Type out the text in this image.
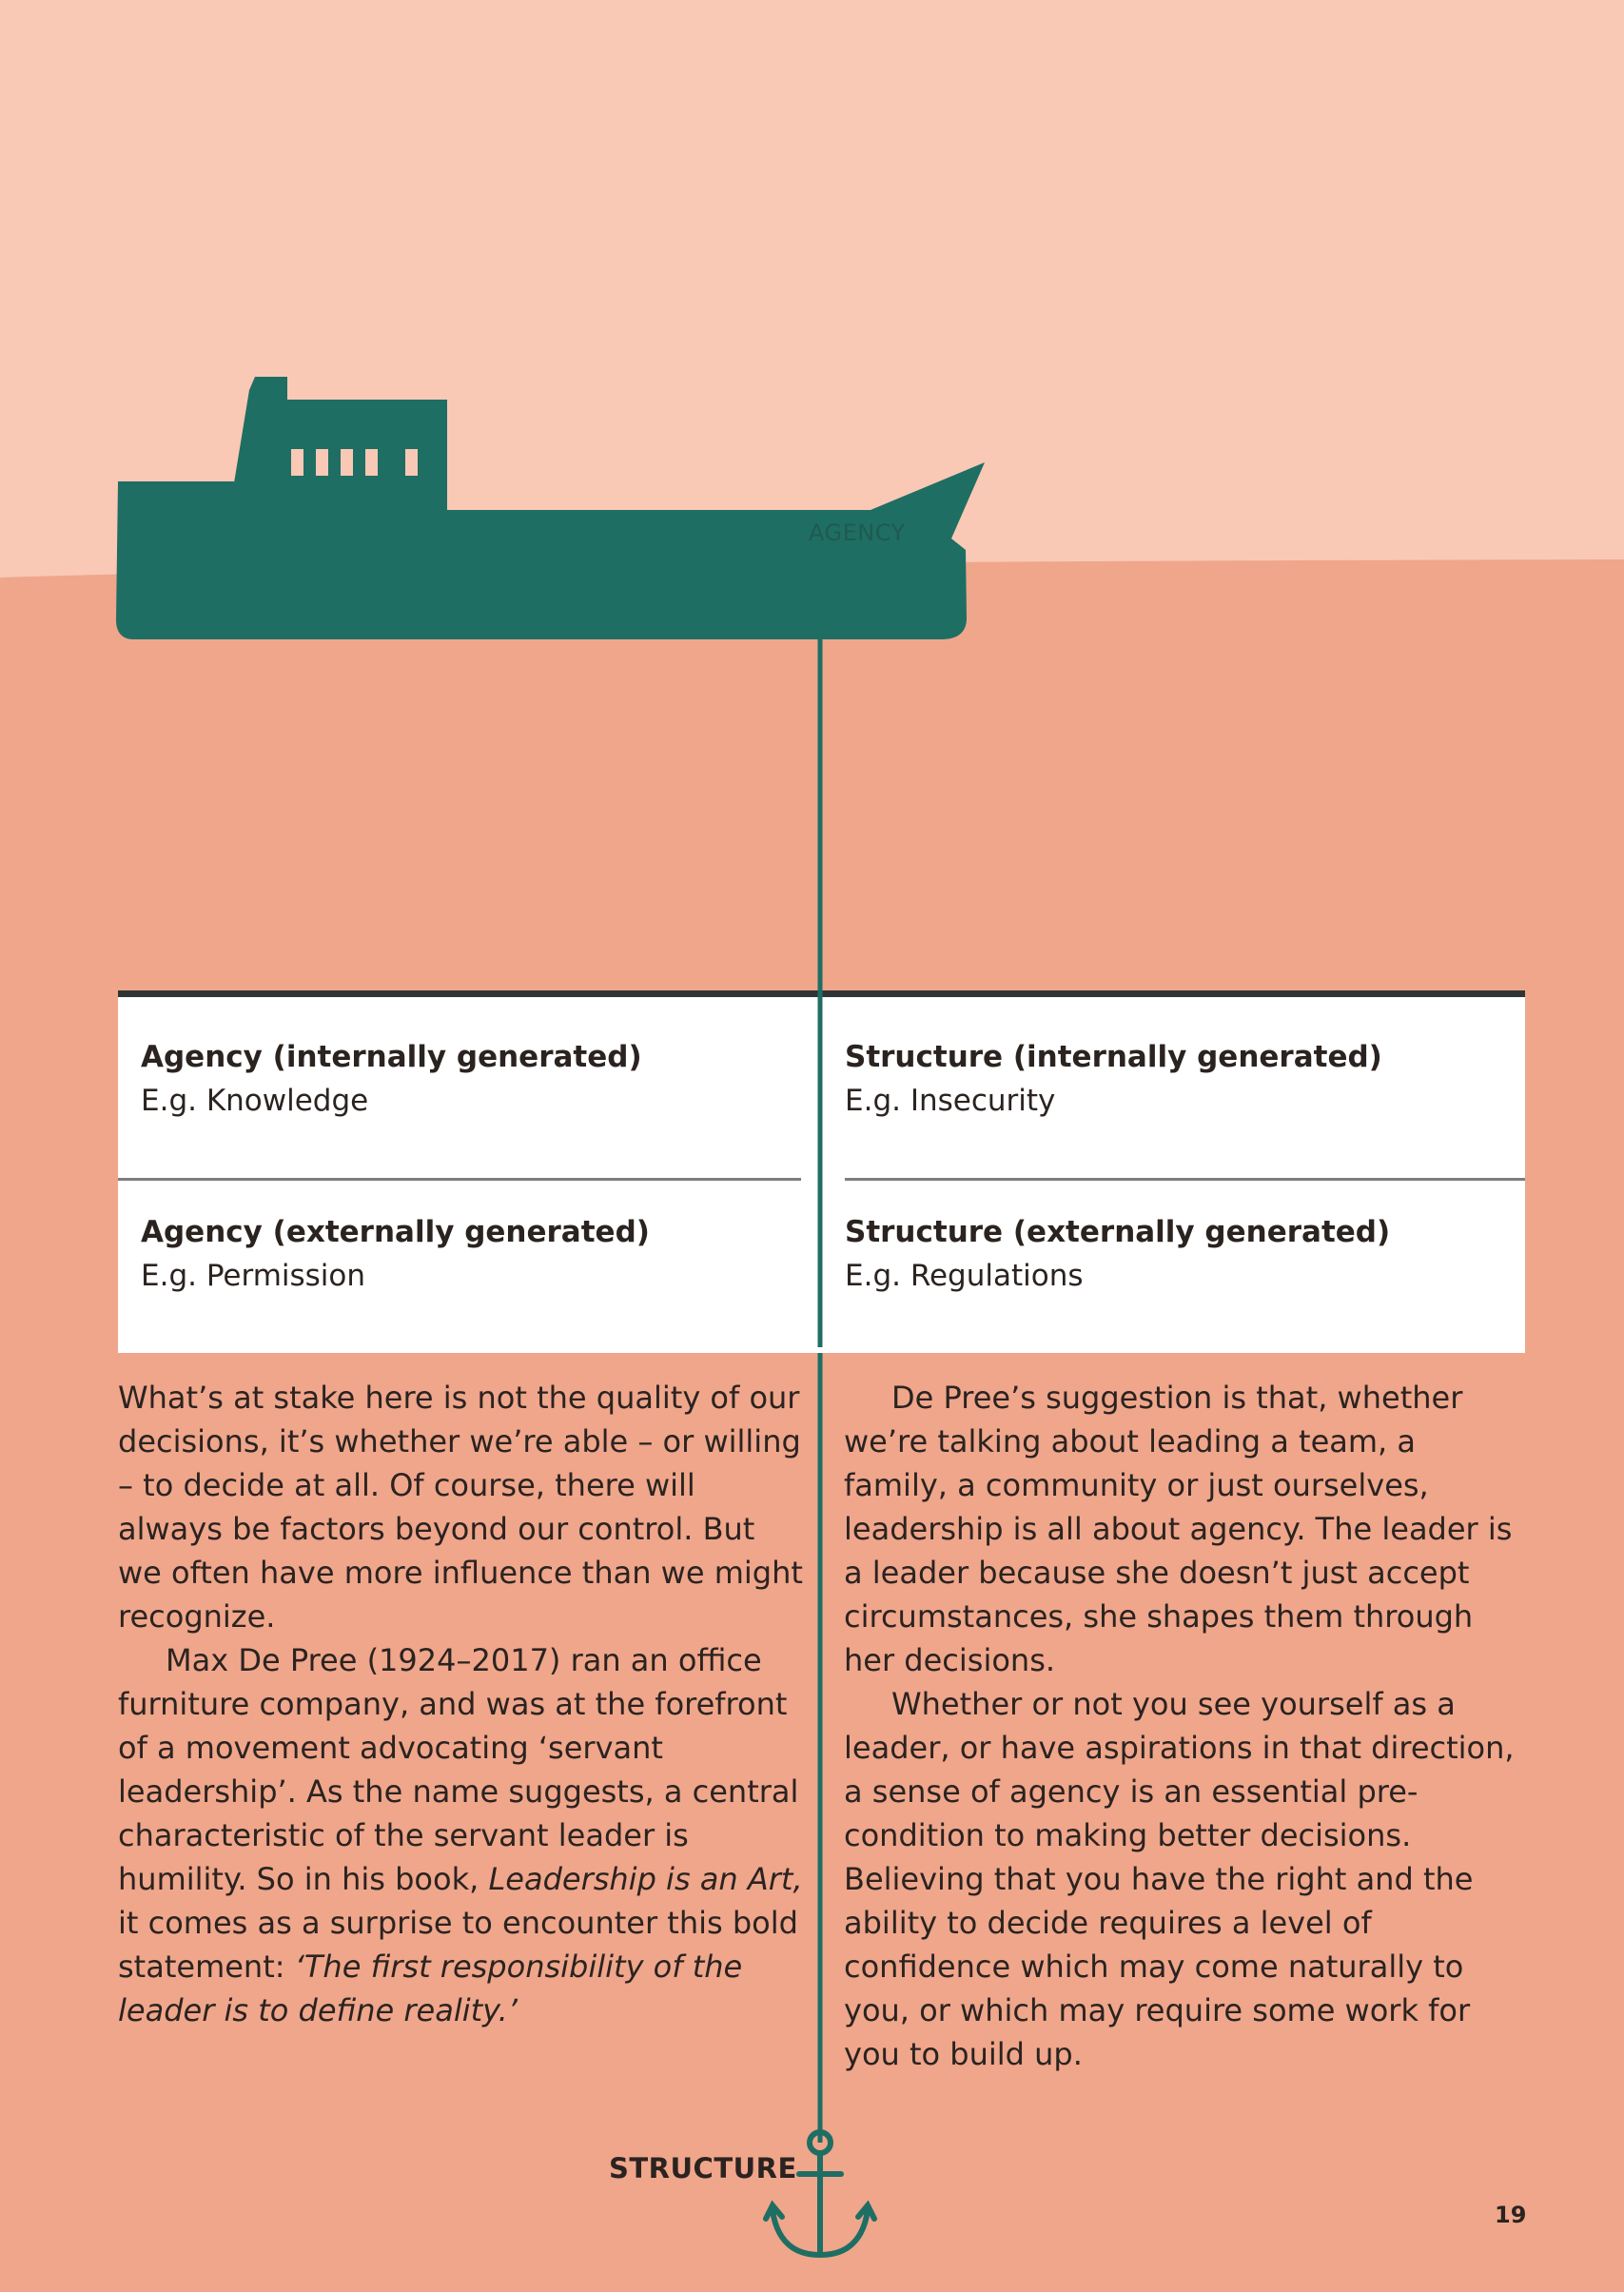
AGENCY
Agency (internally generated)
E.g. Knowledge
Structure (internally generated)
E.g. Insecurity
Agency (externally generated)
E.g. Permission
Structure (externally generated)
E.g. Regulations

What’s at stake here is not the quality of our decisions, it’s whether we’re able – or willing – to decide at all. Of course, there will always be factors beyond our control. But we often have more influence than we might recognize.

Max De Pree (1924–2017) ran an office furniture company, and was at the forefront of a movement advocating ‘servant leadership’. As the name suggests, a central characteristic of the servant leader is humility. So in his book, Leadership is an Art, it comes as a surprise to encounter this bold statement: ‘The first responsibility of the leader is to define reality.’

De Pree’s suggestion is that, whether we’re talking about leading a team, a family, a community or just ourselves, leadership is all about agency. The leader is a leader because she doesn’t just accept circumstances, she shapes them through her decisions.

Whether or not you see yourself as a leader, or have aspirations in that direction, a sense of agency is an essential pre-condition to making better decisions. Believing that you have the right and the ability to decide requires a level of confidence which may come naturally to you, or which may require some work for you to build up.

STRUCTURE
19
